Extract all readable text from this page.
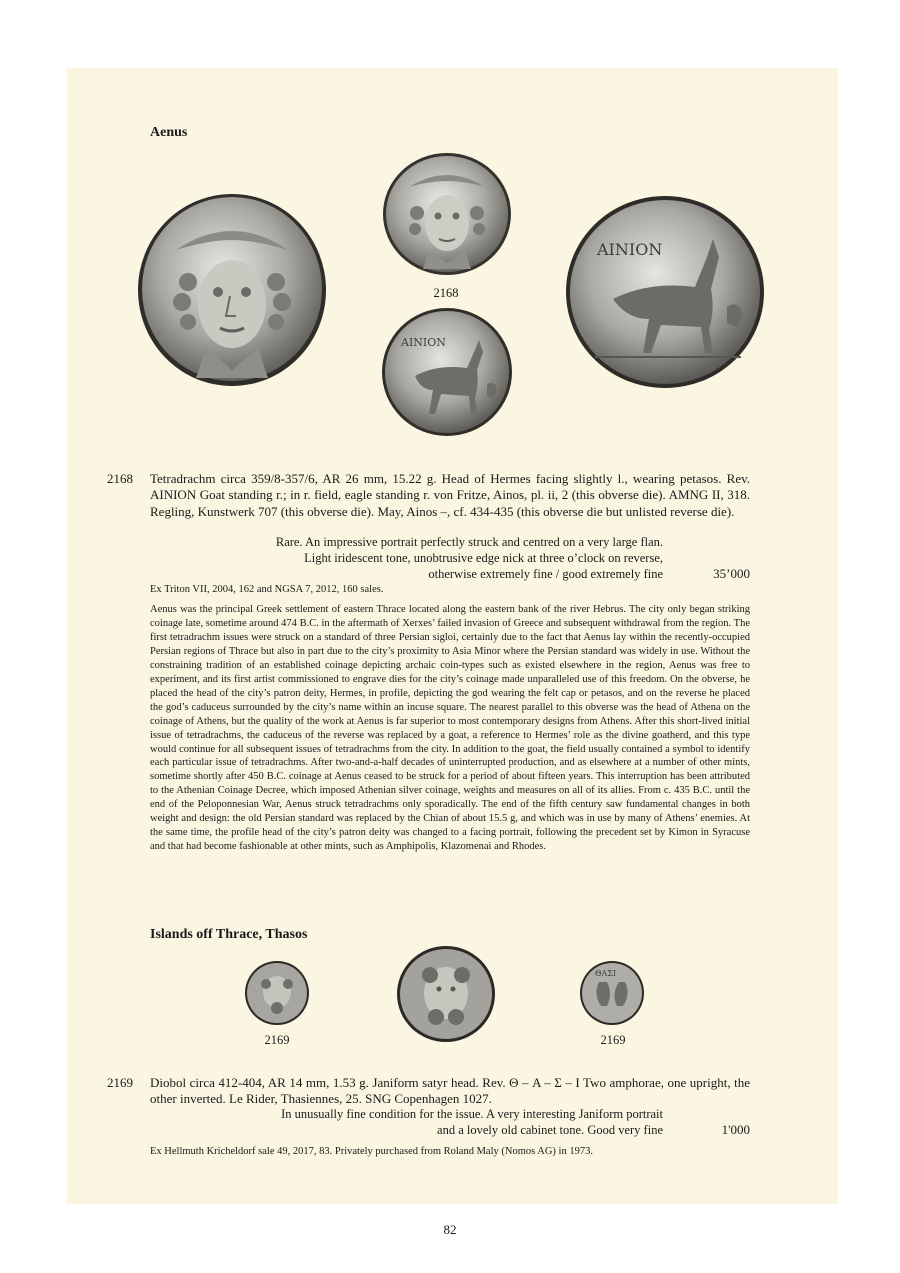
Aenus
2168
ΑΙΝΙΟΝ
ΑΙΝΙΟΝ
2168 Tetradrachm circa 359/8-357/6, AR 26 mm, 15.22 g. Head of Hermes facing slightly l., wearing petasos. Rev. AINION Goat standing r.; in r. field, eagle standing r. von Fritze, Ainos, pl. ii, 2 (this obverse die). AMNG II, 318. Regling, Kunstwerk 707 (this obverse die). May, Ainos –, cf. 434-435 (this obverse die but unlisted reverse die).
Rare. An impressive portrait perfectly struck and centred on a very large flan.
Light iridescent tone, unobtrusive edge nick at three o’clock on reverse,
otherwise extremely fine / good extremely fine	35’000
Ex Triton VII, 2004, 162 and NGSA 7, 2012, 160 sales.
Aenus was the principal Greek settlement of eastern Thrace located along the eastern bank of the river Hebrus. The city only began striking coinage late, sometime around 474 B.C. in the aftermath of Xerxes’ failed invasion of Greece and subsequent withdrawal from the region. The first tetradrachm issues were struck on a standard of three Persian sigloi, certainly due to the fact that Aenus lay within the recently-occupied Persian regions of Thrace but also in part due to the city’s proximity to Asia Minor where the Persian standard was widely in use. Without the constraining tradition of an established coinage depicting archaic coin-types such as existed elsewhere in the region, Aenus was free to experiment, and its first artist commissioned to engrave dies for the city’s coinage made unparalleled use of this freedom. On the obverse, he placed the head of the city’s patron deity, Hermes, in profile, depicting the god wearing the felt cap or petasos, and on the reverse he placed the god’s caduceus surrounded by the city’s name within an incuse square. The nearest parallel to this obverse was the head of Athena on the coinage of Athens, but the quality of the work at Aenus is far superior to most contemporary designs from Athens. After this short-lived initial issue of tetradrachms, the caduceus of the reverse was replaced by a goat, a reference to Hermes’ role as the divine goatherd, and this type would continue for all subsequent issues of tetradrachms from the city. In addition to the goat, the field usually contained a symbol to identify each particular issue of tetradrachms. After two-and-a-half decades of uninterrupted production, and as elsewhere at a number of other mints, sometime shortly after 450 B.C. coinage at Aenus ceased to be struck for a period of about fifteen years. This interruption has been attributed to the Athenian Coinage Decree, which imposed Athenian silver coinage, weights and measures on all of its allies. From c. 435 B.C. until the end of the Peloponnesian War, Aenus struck tetradrachms only sporadically. The end of the fifth century saw fundamental changes in both weight and design: the old Persian standard was replaced by the Chian of about 15.5 g, and which was in use by many of Athens’ enemies. At the same time, the profile head of the city’s patron deity was changed to a facing portrait, following the precedent set by Kimon in Syracuse and that had become fashionable at other mints, such as Amphipolis, Klazomenai and Rhodes.
Islands off Thrace, Thasos
ΘΑΣΙ
2169	2169
2169 Diobol circa 412-404, AR 14 mm, 1.53 g. Janiform satyr head. Rev. Θ – A – Σ – I Two amphorae, one upright, the other inverted. Le Rider, Thasiennes, 25. SNG Copenhagen 1027.
In unusually fine condition for the issue. A very interesting Janiform portrait
and a lovely old cabinet tone. Good very fine	1'000
Ex Hellmuth Kricheldorf sale 49, 2017, 83. Privately purchased from Roland Maly (Nomos AG) in 1973.
82
